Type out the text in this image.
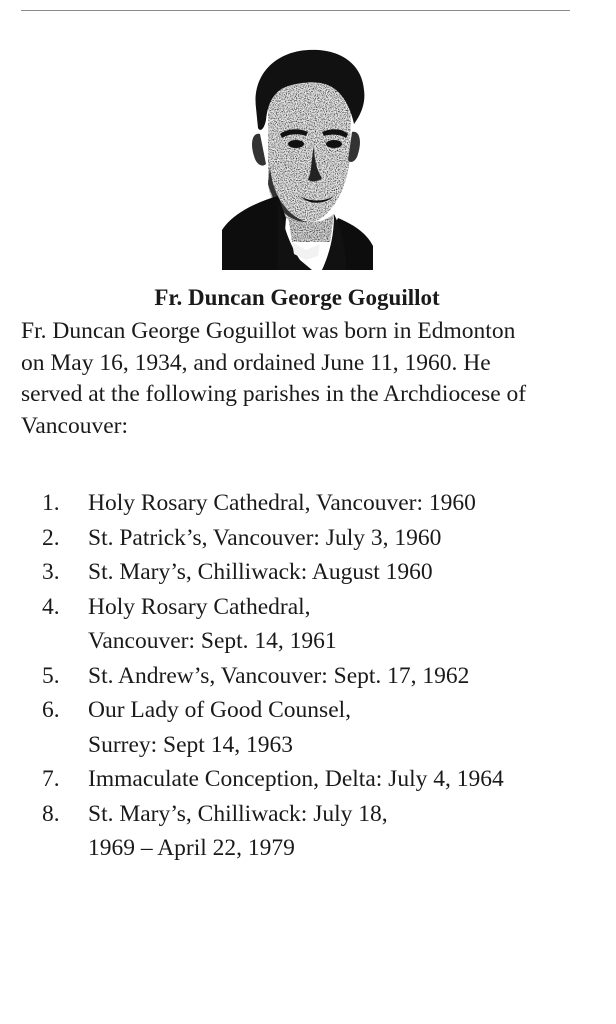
Fr. Duncan George Goguillot

Fr. Duncan George Goguillot was born in Edmonton
on May 16, 1934, and ordained June 11, 1960. He
served at the following parishes in the Archdiocese of
Vancouver:

1. Holy Rosary Cathedral, Vancouver: 1960
2. St. Patrick’s, Vancouver: July 3, 1960
3. St. Mary’s, Chilliwack: August 1960
4. Holy Rosary Cathedral,
Vancouver: Sept. 14, 1961
5. St. Andrew’s, Vancouver: Sept. 17, 1962
6. Our Lady of Good Counsel,
Surrey: Sept 14, 1963
7. Immaculate Conception, Delta: July 4, 1964
8. St. Mary’s, Chilliwack: July 18,
1969 – April 22, 1979
